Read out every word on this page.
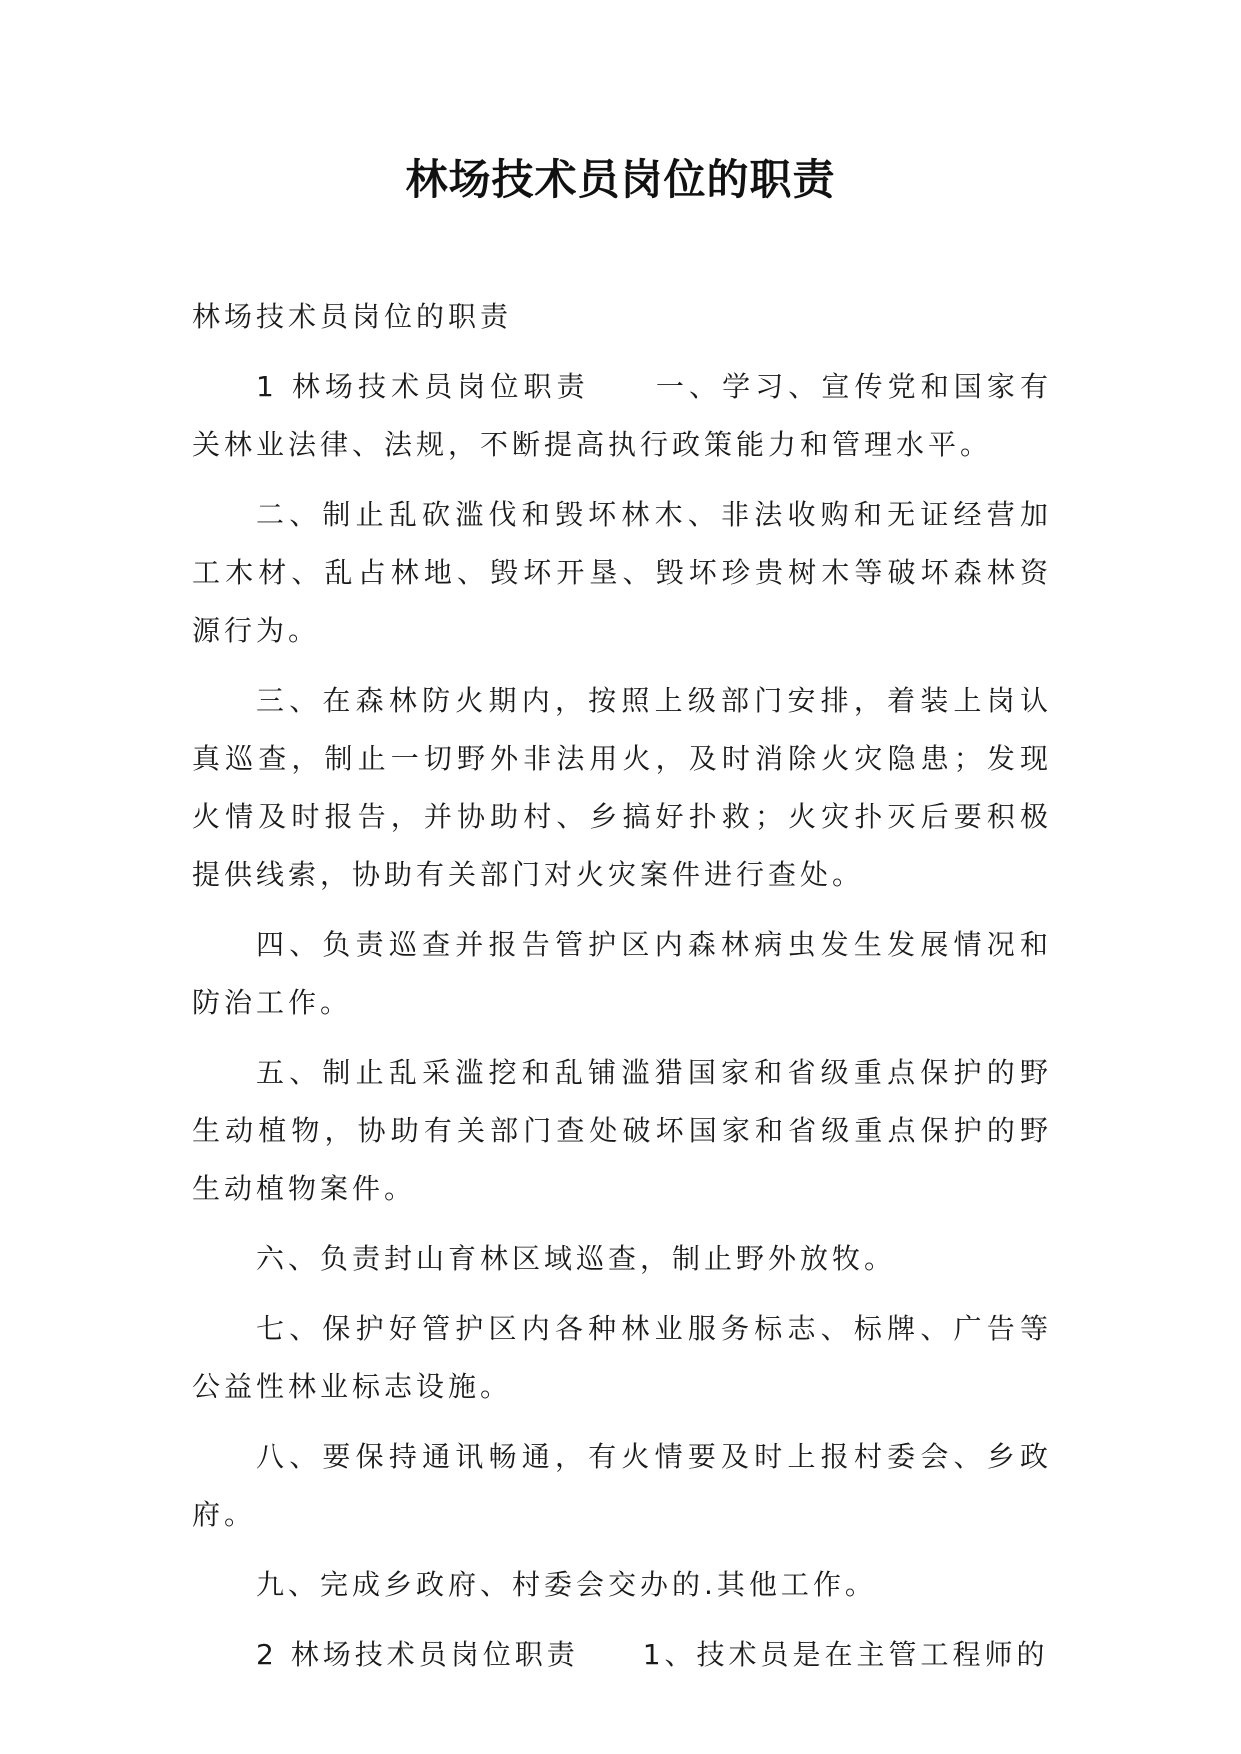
林场技术员岗位的职责

林场技术员岗位的职责

1 林场技术员岗位职责　　一、学习、宣传党和国家有关林业法律、法规，不断提高执行政策能力和管理水平。

二、制止乱砍滥伐和毁坏林木、非法收购和无证经营加工木材、乱占林地、毁坏开垦、毁坏珍贵树木等破坏森林资源行为。

三、在森林防火期内，按照上级部门安排，着装上岗认真巡查，制止一切野外非法用火，及时消除火灾隐患；发现火情及时报告，并协助村、乡搞好扑救；火灾扑灭后要积极提供线索，协助有关部门对火灾案件进行查处。

四、负责巡查并报告管护区内森林病虫发生发展情况和防治工作。

五、制止乱采滥挖和乱铺滥猎国家和省级重点保护的野生动植物，协助有关部门查处破坏国家和省级重点保护的野生动植物案件。

六、负责封山育林区域巡查，制止野外放牧。

七、保护好管护区内各种林业服务标志、标牌、广告等公益性林业标志设施。

八、要保持通讯畅通，有火情要及时上报村委会、乡政府。

九、完成乡政府、村委会交办的.其他工作。

2 林场技术员岗位职责　　1、技术员是在主管工程师的
